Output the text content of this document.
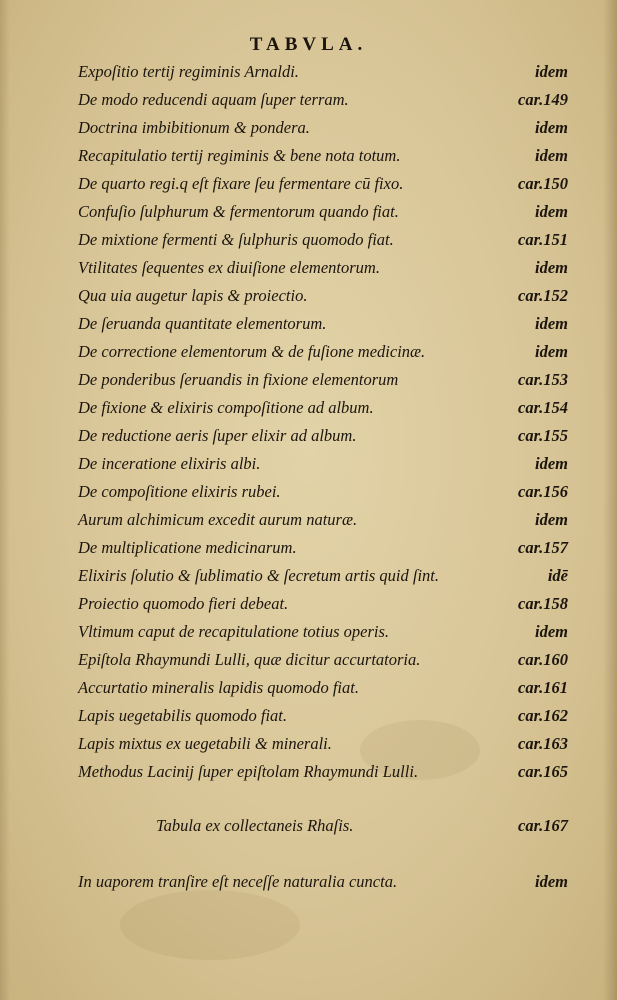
TABVLA.
Expoſitio tertij regiminis Arnaldi.	idem
De modo reducendi aquam ſuper terram.	car.149
Doctrina imbibitionum & pondera.	idem
Recapitulatio tertij regiminis & bene nota totum.	idem
De quarto regi.q eſt fixare ſeu fermentare cū fixo.	car.150
Confuſio ſulphurum & fermentorum quando fiat.	idem
De mixtione fermenti & ſulphuris quomodo fiat.	car.151
Vtilitates ſequentes ex diuiſione elementorum.	idem
Qua uia augetur lapis & proiectio.	car.152
De ſeruanda quantitate elementorum.	idem
De correctione elementorum & de fuſione medicinæ.	idem
De ponderibus ſeruandis in fixione elementorum	car.153
De fixione & elixiris compoſitione ad album.	car.154
De reductione aeris ſuper elixir ad album.	car.155
De inceratione elixiris albi.	idem
De compoſitione elixiris rubei.	car.156
Aurum alchimicum excedit aurum naturæ.	idem
De multiplicatione medicinarum.	car.157
Elixiris ſolutio & ſublimatio & ſecretum artis quid ſint.	idē
Proiectio quomodo fieri debeat.	car.158
Vltimum caput de recapitulatione totius operis.	idem
Epiſtola Rhaymundi Lulli, quæ dicitur accurtatoria.	car.160
Accurtatio mineralis lapidis quomodo fiat.	car.161
Lapis uegetabilis quomodo fiat.	car.162
Lapis mixtus ex uegetabili & minerali.	car.163
Methodus Lacinij ſuper epiſtolam Rhaymundi Lulli.	car.165
Tabula ex collectaneis Rhaſis.	car.167
In uaporem tranſire eſt neceſſe naturalia cuncta.	idem
